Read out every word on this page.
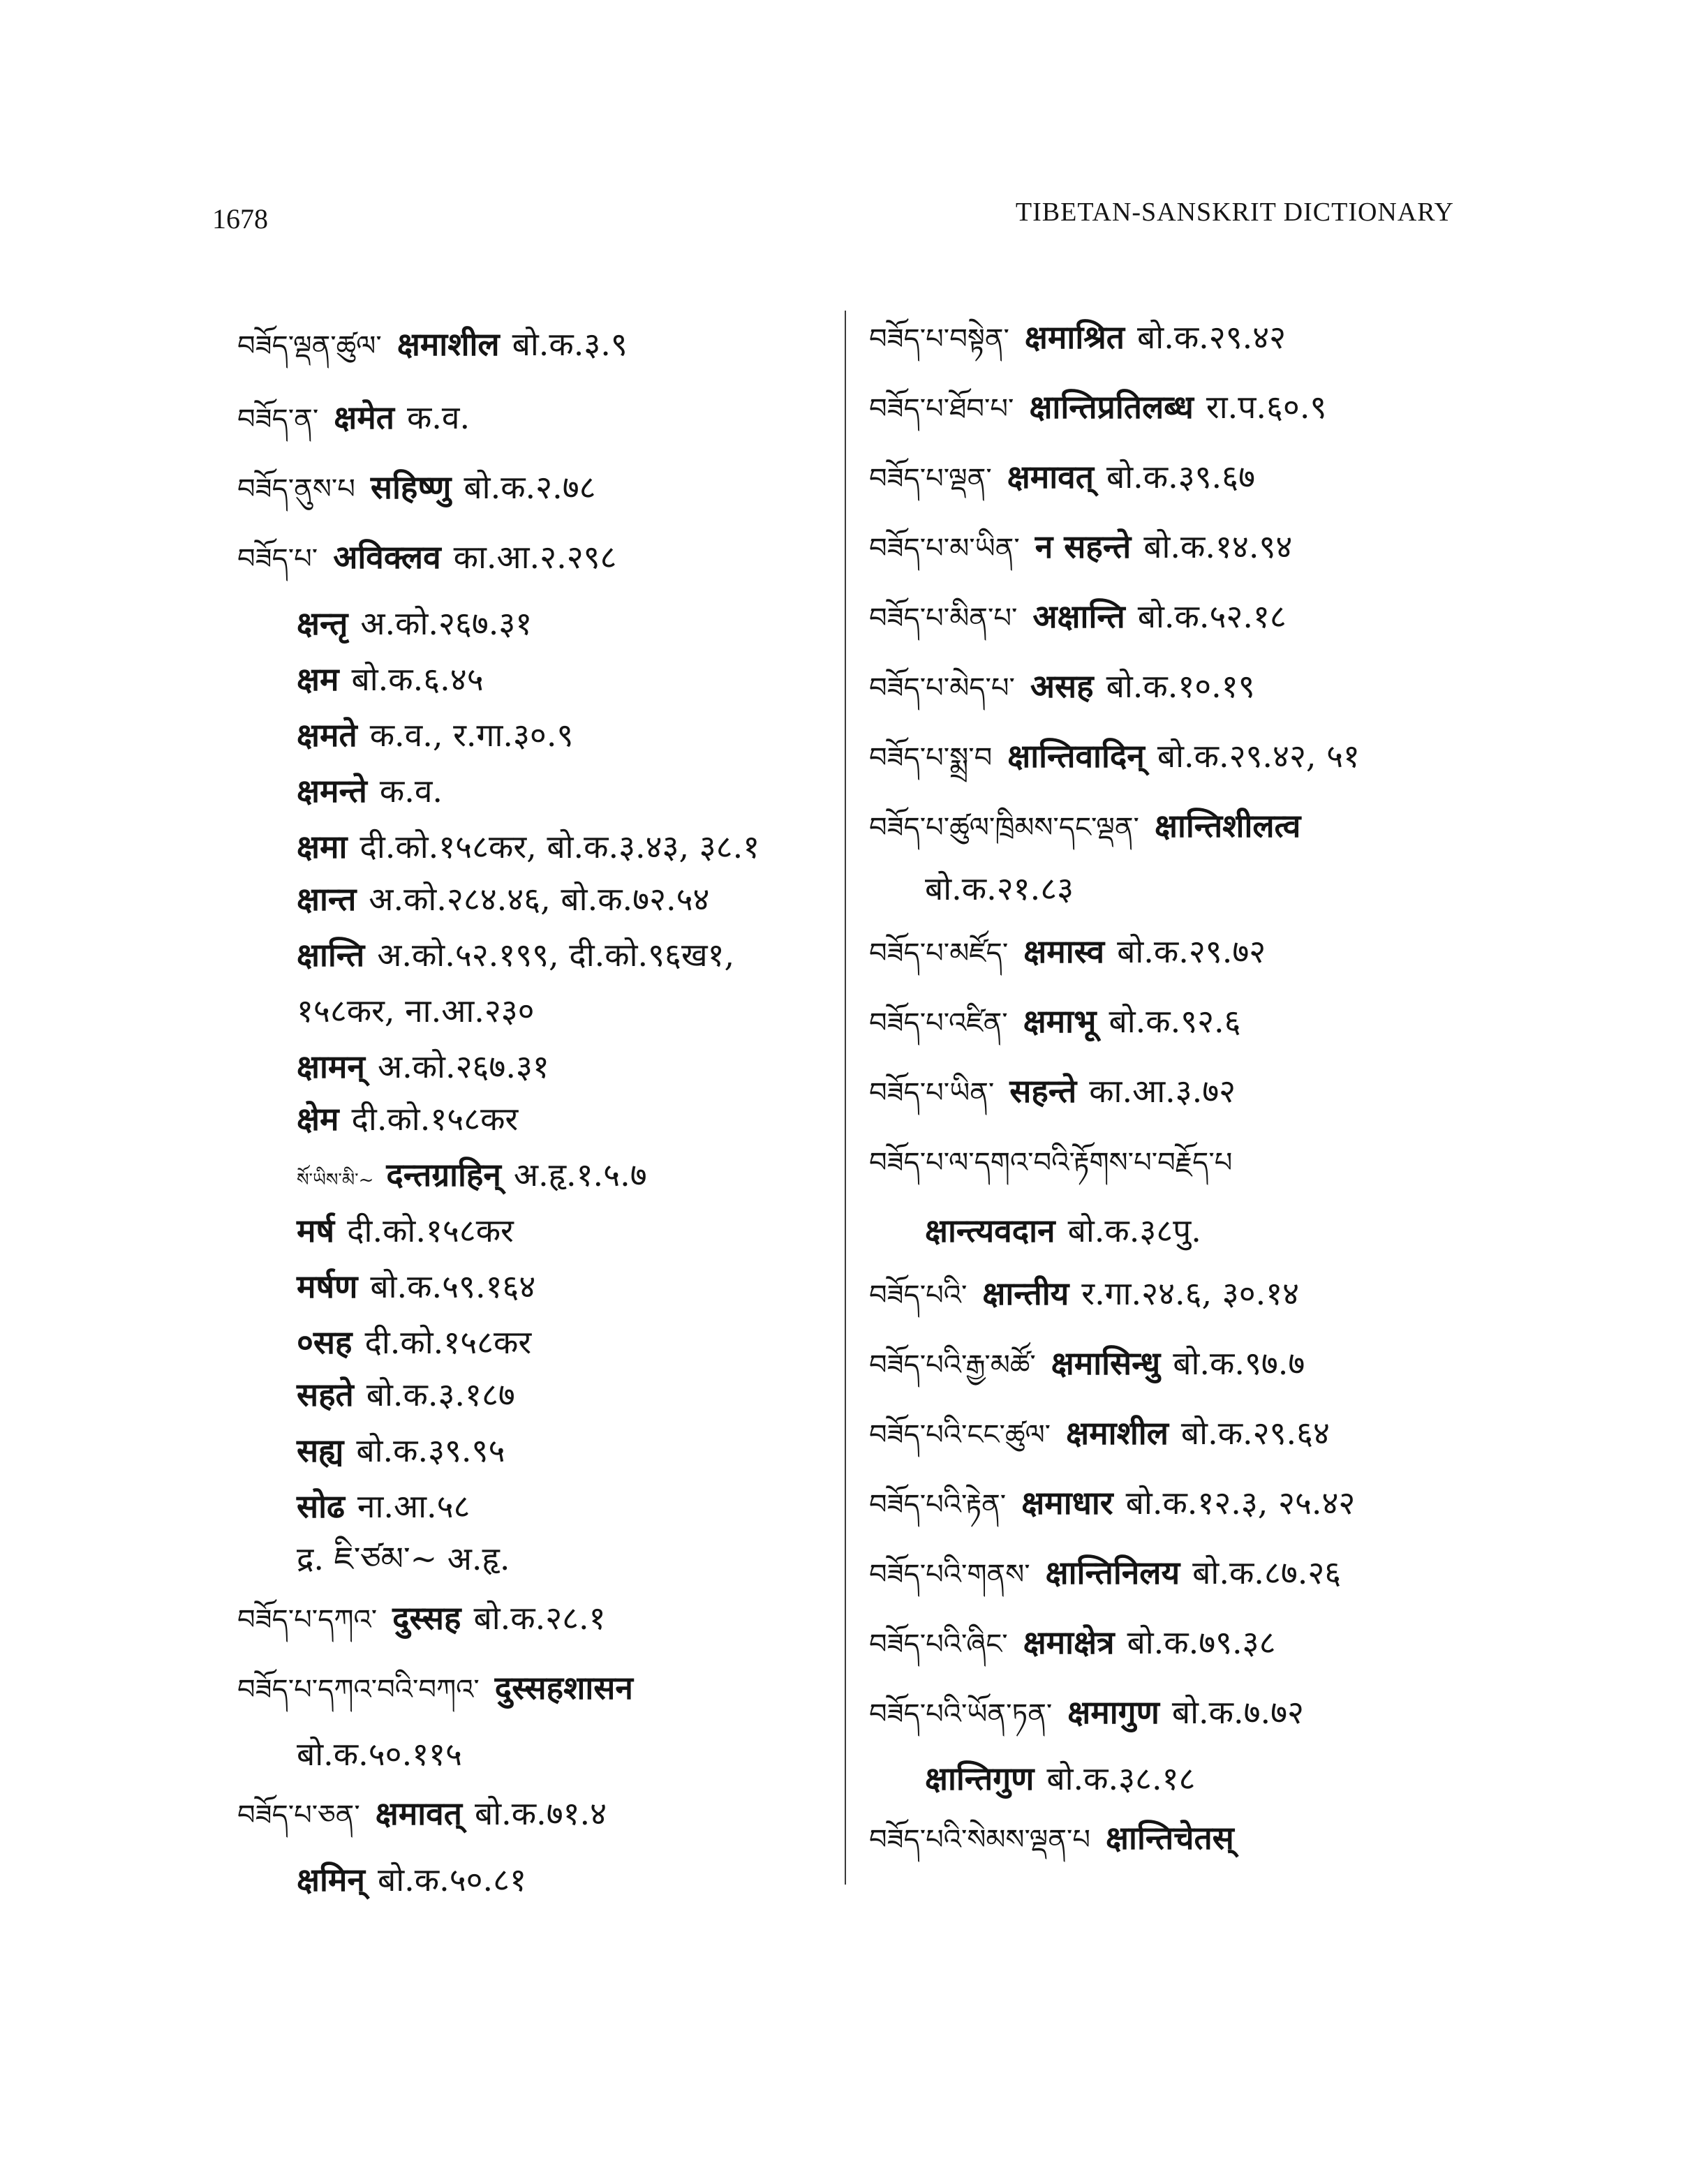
1678	TIBETAN-SANSKRIT DICTIONARY
བཟོད་ལྡན་ཚུལ་ क्षमाशील बो.क.३.९
བཟོད་ན་ क्षमेत क.व.
བཟོད་ནུས་པ सहिष्णु बो.क.२.७८
བཟོད་པ་ अविक्लव का.आ.२.२९८
क्षन्तृ अ.को.२६७.३१
क्षम बो.क.६.४५
क्षमते क.व., र.गा.३०.९
क्षमन्ते क.व.
क्षमा दी.को.१५८कर, बो.क.३.४३, ३८.१
क्षान्त अ.को.२८४.४६, बो.क.७२.५४
क्षान्ति अ.को.५२.१९९, दी.को.९६ख१,
१५८कर, ना.आ.२३०
क्षामन् अ.को.२६७.३१
क्षेम दी.को.१५८कर
སོ་ཡིས་མི་~ दन्तग्राहिन् अ.हृ.१.५.७
मर्ष दी.को.१५८कर
मर्षण बो.क.५९.१६४
०सह दी.को.१५८कर
सहते बो.क.३.१८७
सह्य बो.क.३९.९५
सोढ ना.आ.५८
द्र. ཇི་ཙམ་~ अ.हृ.
བཟོད་པ་དཀའ་ दुस्सह बो.क.२८.१
བཟོད་པ་དཀའ་བའི་བཀའ་ दुस्सहशासन
बो.क.५०.११५
བཟོད་པ་ཅན་ क्षमावत् बो.क.७१.४
क्षमिन् बो.क.५०.८१
བཟོད་པ་བསྟེན་ क्षमाश्रित बो.क.२९.४२
བཟོད་པ་ཐོབ་པ་ क्षान्तिप्रतिलब्ध रा.प.६०.९
བཟོད་པ་ལྡན་ क्षमावत् बो.क.३९.६७
བཟོད་པ་མ་ཡིན་ न सहन्ते बो.क.१४.९४
བཟོད་པ་མིན་པ་ अक्षान्ति बो.क.५२.१८
བཟོད་པ་མེད་པ་ असह बो.क.१०.१९
བཟོད་པ་སྨྲ་བ क्षान्तिवादिन् बो.क.२९.४२, ५१
བཟོད་པ་ཚུལ་ཁྲིམས་དང་ལྡན་ क्षान्तिशीलत्व
बो.क.२१.८३
བཟོད་པ་མཛོད་ क्षमास्व बो.क.२९.७२
བཟོད་པ་འཛིན་ क्षमाभू बो.क.९२.६
བཟོད་པ་ཡིན་ सहन्ते का.आ.३.७२
བཟོད་པ་ལ་དགའ་བའི་རྟོགས་པ་བརྗོད་པ
क्षान्त्यवदान बो.क.३८पु.
བཟོད་པའི་ क्षान्तीय र.गा.२४.६, ३०.१४
བཟོད་པའི་རྒྱ་མཚོ་ क्षमासिन्धु बो.क.९७.७
བཟོད་པའི་ངང་ཚུལ་ क्षमाशील बो.क.२९.६४
བཟོད་པའི་རྟེན་ क्षमाधार बो.क.१२.३, २५.४२
བཟོད་པའི་གནས་ क्षान्तिनिलय बो.क.८७.२६
བཟོད་པའི་ཞིང་ क्षमाक्षेत्र बो.क.७९.३८
བཟོད་པའི་ཡོན་ཏན་ क्षमागुण बो.क.७.७२
क्षान्तिगुण बो.क.३८.१८
བཟོད་པའི་སེམས་ལྡན་པ क्षान्तिचेतस्
